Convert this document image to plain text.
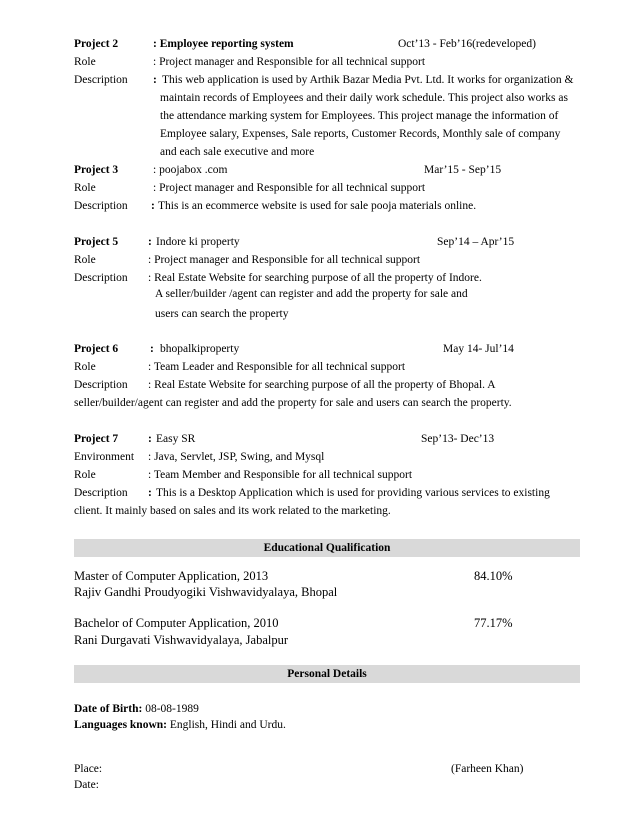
Project 2	: Employee reporting system	Oct’13 - Feb’16(redeveloped)
Role	: Project manager and Responsible for all technical support
Description : This web application is used by Arthik Bazar Media Pvt. Ltd. It works for organization &
maintain records of Employees and their daily work schedule. This project also works as
the attendance marking system for Employees. This project manage the information of
Employee salary, Expenses, Sale reports, Customer Records, Monthly sale of company
and each sale executive and more
Project 3	: poojabox .com	Mar’15 - Sep’15
Role	: Project manager and Responsible for all technical support
Description : This is an ecommerce website is used for sale pooja materials online.
Project 5	: Indore ki property	Sep’14 – Apr’15
Role	: Project manager and Responsible for all technical support
Description : Real Estate Website for searching purpose of all the property of Indore.
A seller/builder /agent can register and add the property for sale and
users can search the property
Project 6	: bhopalkiproperty	May 14- Jul’14
Role	: Team Leader and Responsible for all technical support
Description : Real Estate Website for searching purpose of all the property of Bhopal. A
seller/builder/agent can register and add the property for sale and users can search the property.
Project 7	: Easy SR	Sep’13- Dec’13
Environment : Java, Servlet, JSP, Swing, and Mysql
Role	: Team Member and Responsible for all technical support
Description : This is a Desktop Application which is used for providing various services to existing
client. It mainly based on sales and its work related to the marketing.
Educational Qualification
Master of Computer Application, 2013	84.10%
Rajiv Gandhi Proudyogiki Vishwavidyalaya, Bhopal
Bachelor of Computer Application, 2010	77.17%
Rani Durgavati Vishwavidyalaya, Jabalpur
Personal Details
Date of Birth: 08-08-1989
Languages known: English, Hindi and Urdu.
Place:	(Farheen Khan)
Date:
